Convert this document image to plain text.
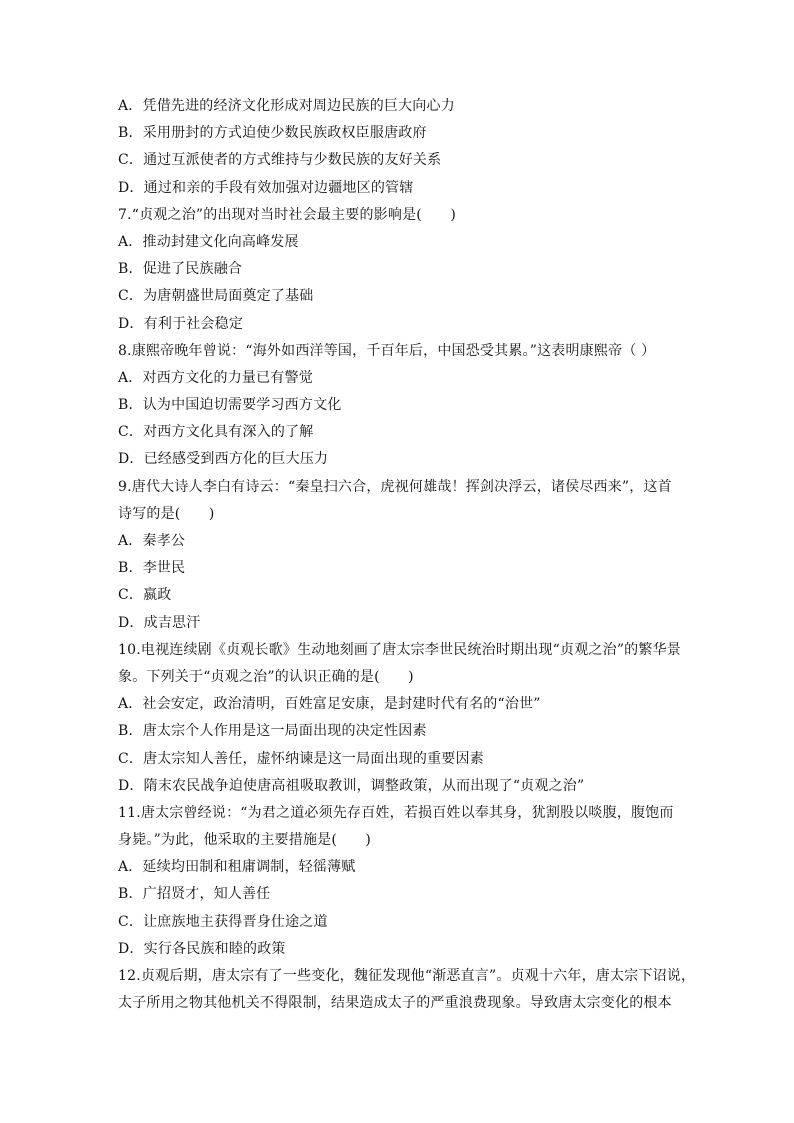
A．凭借先进的经济文化形成对周边民族的巨大向心力
B．采用册封的方式迫使少数民族政权臣服唐政府
C．通过互派使者的方式维持与少数民族的友好关系
D．通过和亲的手段有效加强对边疆地区的管辖
7.“贞观之治”的出现对当时社会最主要的影响是(　　)
A．推动封建文化向高峰发展
B．促进了民族融合
C．为唐朝盛世局面奠定了基础
D．有利于社会稳定
8.康熙帝晚年曾说：“海外如西洋等国，千百年后，中国恐受其累。”这表明康熙帝（ ）
A．对西方文化的力量已有警觉
B．认为中国迫切需要学习西方文化
C．对西方文化具有深入的了解
D．已经感受到西方化的巨大压力
9.唐代大诗人李白有诗云：“秦皇扫六合，虎视何雄哉！挥剑决浮云，诸侯尽西来”，这首
诗写的是(　　)
A．秦孝公
B．李世民
C．嬴政
D．成吉思汗
10.电视连续剧《贞观长歌》生动地刻画了唐太宗李世民统治时期出现“贞观之治”的繁华景
象。下列关于“贞观之治”的认识正确的是(　　)
A．社会安定，政治清明，百姓富足安康，是封建时代有名的“治世”
B．唐太宗个人作用是这一局面出现的决定性因素
C．唐太宗知人善任，虚怀纳谏是这一局面出现的重要因素
D．隋末农民战争迫使唐高祖吸取教训，调整政策，从而出现了“贞观之治”
11.唐太宗曾经说：“为君之道必须先存百姓，若损百姓以奉其身，犹割股以啖腹，腹饱而
身毙。”为此，他采取的主要措施是(　　)
A．延续均田制和租庸调制，轻徭薄赋
B．广招贤才，知人善任
C．让庶族地主获得晋身仕途之道
D．实行各民族和睦的政策
12.贞观后期，唐太宗有了一些变化，魏征发现他“渐恶直言”。贞观十六年，唐太宗下诏说，
太子所用之物其他机关不得限制，结果造成太子的严重浪费现象。导致唐太宗变化的根本
